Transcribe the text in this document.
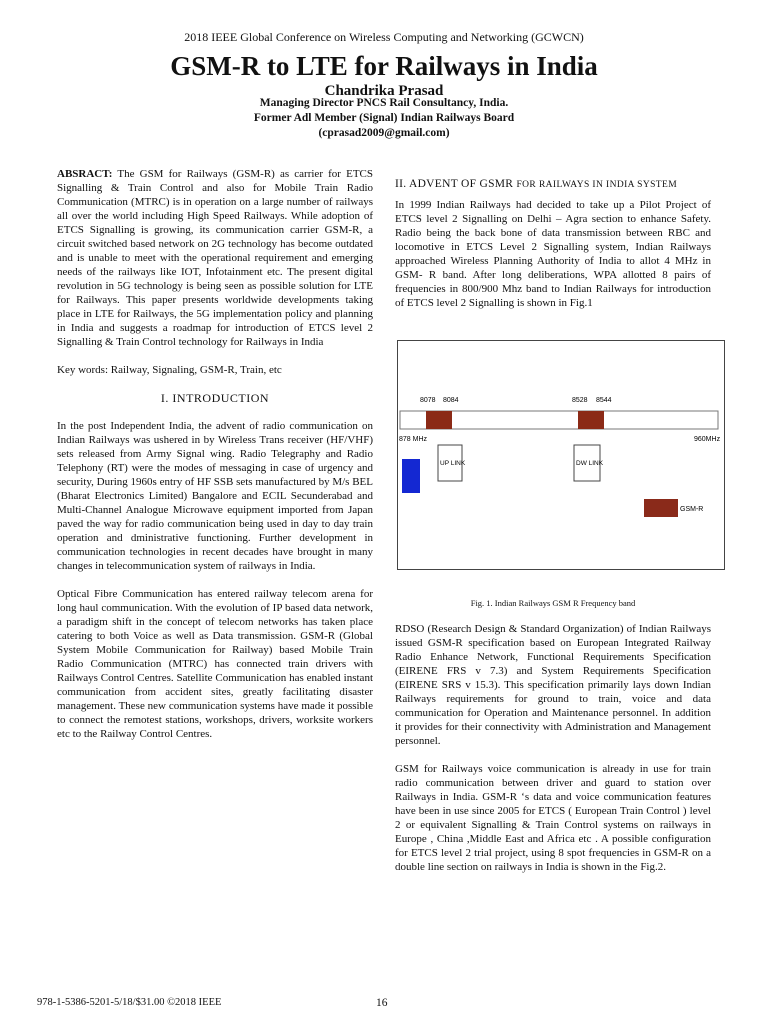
2018 IEEE Global Conference on Wireless Computing and Networking (GCWCN)
GSM-R to LTE for Railways in India
Chandrika Prasad
Managing Director PNCS Rail Consultancy, India.
Former Adl Member (Signal) Indian Railways Board
(cprasad2009@gmail.com)

ABSRACT: The GSM for Railways (GSM-R) as carrier for ETCS Signalling & Train Control and also for Mobile Train Radio Communication (MTRC) is in operation on a large number of railways all over the world including High Speed Railways. While adoption of ETCS Signalling is growing, its communication carrier GSM-R, a circuit switched based network on 2G technology has become outdated and is unable to meet with the operational requirement and emerging needs of the railways like IOT, Infotainment etc. The present digital revolution in 5G technology is being seen as possible solution for LTE for Railways. This paper presents worldwide developments taking place in LTE for Railways, the 5G implementation policy and planning in India and suggests a roadmap for introduction of ETCS level 2 Signalling & Train Control technology for Railways in India

Key words: Railway, Signaling, GSM-R, Train, etc

I. INTRODUCTION

In the post Independent India, the advent of radio communication on Indian Railways was ushered in by Wireless Trans receiver (HF/VHF) sets released from Army Signal wing. Radio Telegraphy and Radio Telephony (RT) were the modes of messaging in case of urgency and security, During 1960s entry of HF SSB sets manufactured by M/s BEL (Bharat Electronics Limited) Bangalore and ECIL Secunderabad and Multi-Channel Analogue Microwave equipment imported from Japan paved the way for radio communication being used in day to day train operation and dministrative functioning. Further development in communication technologies in recent decades have brought in many changes in telecommunication system of railways in India.

Optical Fibre Communication has entered railway telecom arena for long haul communication. With the evolution of IP based data network, a paradigm shift in the concept of telecom networks has taken place catering to both Voice as well as Data transmission. GSM-R (Global System Mobile Communication for Railway) based Mobile Train Radio Communication (MTRC) has connected train drivers with Railways Control Centres. Satellite Communication has enabled instant communication from accident sites, greatly facilitating disaster management. These new communication systems have made it possible to connect the remotest stations, workshops, drivers, worksite workers etc to the Railway Control Centres.

II. ADVENT OF GSMR FOR RAILWAYS IN INDIA SYSTEM

In 1999 Indian Railways had decided to take up a Pilot Project of ETCS level 2 Signalling on Delhi – Agra section to enhance Safety. Radio being the back bone of data transmission between RBC and locomotive in ETCS Level 2 Signalling system, Indian Railways approached Wireless Planning Authority of India to allot 4 MHz in GSM- R band. After long deliberations, WPA allotted 8 pairs of frequencies in 800/900 Mhz band to Indian Railways for introduction of ETCS level 2 Signalling is shown in Fig.1

8078 8084	8528 8544
878 MHz	960MHz
UP LINK	DW LINK
GSM-R
Fig. 1. Indian Railways GSM R Frequency band

RDSO (Research Design & Standard Organization) of Indian Railways issued GSM-R specification based on European Integrated Railway Radio Enhance Network, Functional Requirements Specification (EIRENE FRS v 7.3) and System Requirements Specification (EIRENE SRS v 15.3). This specification primarily lays down Indian Railways requirements for ground to train, voice and data communication for Operation and Maintenance personnel. In addition it provides for their connectivity with Administration and Management personnel.

GSM for Railways voice communication is already in use for train radio communication between driver and guard to station over Railways in India. GSM-R ‘s data and voice communication features have been in use since 2005 for ETCS ( European Train Control ) level 2 or equivalent Signalling & Train Control systems on railways in Europe , China ,Middle East and Africa etc . A possible configuration for ETCS level 2 trial project, using 8 spot frequencies in GSM-R on a double line section on railways in India is shown in the Fig.2.

978-1-5386-5201-5/18/$31.00 ©2018 IEEE	16
